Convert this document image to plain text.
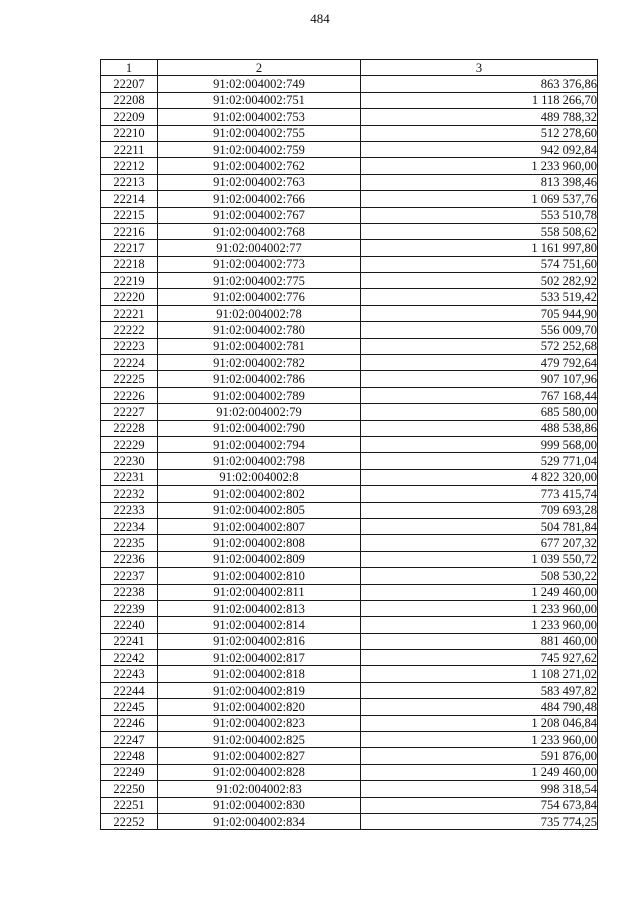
484
1	2	3
22207	91:02:004002:749	863 376,86
22208	91:02:004002:751	1 118 266,70
22209	91:02:004002:753	489 788,32
22210	91:02:004002:755	512 278,60
22211	91:02:004002:759	942 092,84
22212	91:02:004002:762	1 233 960,00
22213	91:02:004002:763	813 398,46
22214	91:02:004002:766	1 069 537,76
22215	91:02:004002:767	553 510,78
22216	91:02:004002:768	558 508,62
22217	91:02:004002:77	1 161 997,80
22218	91:02:004002:773	574 751,60
22219	91:02:004002:775	502 282,92
22220	91:02:004002:776	533 519,42
22221	91:02:004002:78	705 944,90
22222	91:02:004002:780	556 009,70
22223	91:02:004002:781	572 252,68
22224	91:02:004002:782	479 792,64
22225	91:02:004002:786	907 107,96
22226	91:02:004002:789	767 168,44
22227	91:02:004002:79	685 580,00
22228	91:02:004002:790	488 538,86
22229	91:02:004002:794	999 568,00
22230	91:02:004002:798	529 771,04
22231	91:02:004002:8	4 822 320,00
22232	91:02:004002:802	773 415,74
22233	91:02:004002:805	709 693,28
22234	91:02:004002:807	504 781,84
22235	91:02:004002:808	677 207,32
22236	91:02:004002:809	1 039 550,72
22237	91:02:004002:810	508 530,22
22238	91:02:004002:811	1 249 460,00
22239	91:02:004002:813	1 233 960,00
22240	91:02:004002:814	1 233 960,00
22241	91:02:004002:816	881 460,00
22242	91:02:004002:817	745 927,62
22243	91:02:004002:818	1 108 271,02
22244	91:02:004002:819	583 497,82
22245	91:02:004002:820	484 790,48
22246	91:02:004002:823	1 208 046,84
22247	91:02:004002:825	1 233 960,00
22248	91:02:004002:827	591 876,00
22249	91:02:004002:828	1 249 460,00
22250	91:02:004002:83	998 318,54
22251	91:02:004002:830	754 673,84
22252	91:02:004002:834	735 774,25
